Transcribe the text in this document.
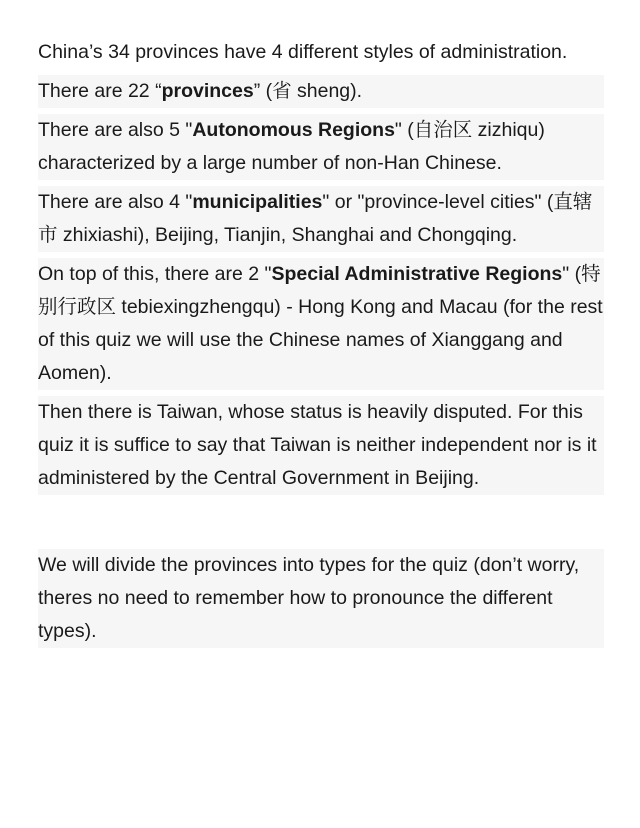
China’s 34 provinces have 4 different styles of administration.

There are 22 “provinces” (省 sheng).

There are also 5 "Autonomous Regions" (自治区 zizhiqu) characterized by a large number of non-Han Chinese.

There are also 4 "municipalities" or "province-level cities" (直辖市 zhixiashi), Beijing, Tianjin, Shanghai and Chongqing.

On top of this, there are 2 "Special Administrative Regions" (特别行政区 tebiexingzhengqu) - Hong Kong and Macau (for the rest of this quiz we will use the Chinese names of Xianggang and Aomen).

Then there is Taiwan, whose status is heavily disputed. For this quiz it is suffice to say that Taiwan is neither independent nor is it administered by the Central Government in Beijing.

We will divide the provinces into types for the quiz (don’t worry, theres no need to remember how to pronounce the different types).
